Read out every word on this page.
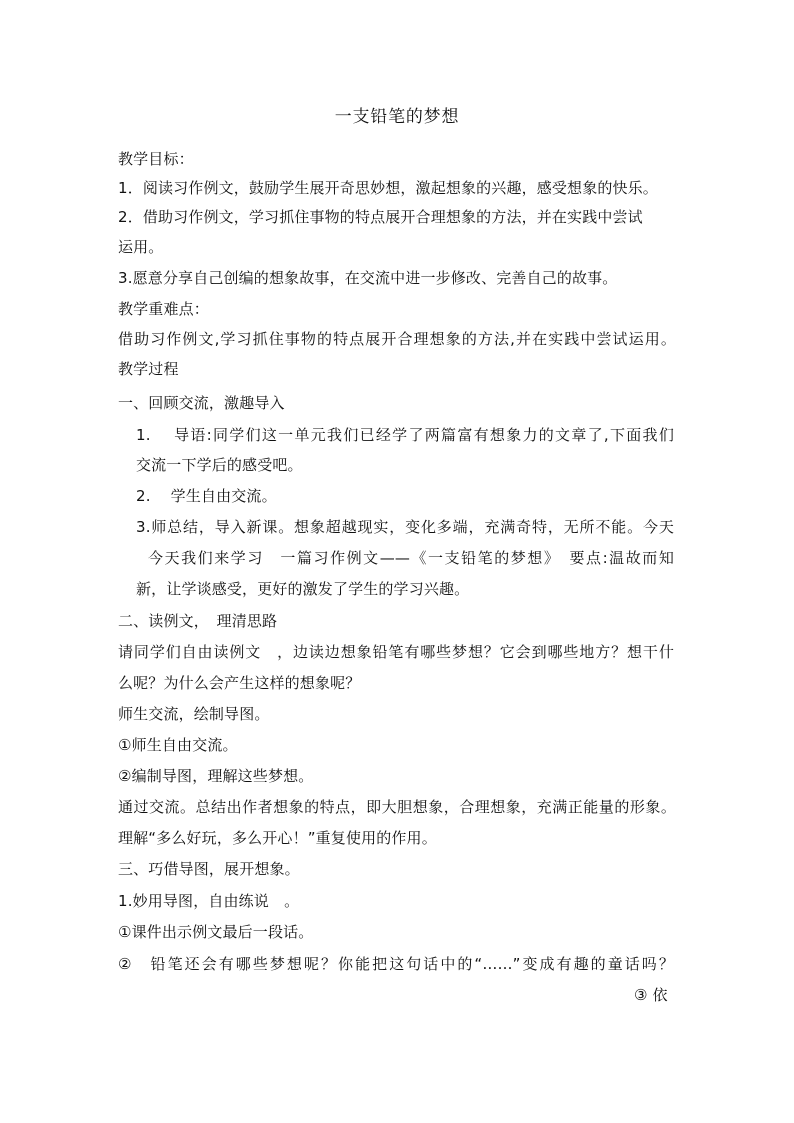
一支铅笔的梦想
教学目标：
1．阅读习作例文，鼓励学生展开奇思妙想，激起想象的兴趣，感受想象的快乐。
2．借助习作例文，学习抓住事物的特点展开合理想象的方法，并在实践中尝试
运用。
3.愿意分享自己创编的想象故事，在交流中进一步修改、完善自己的故事。
教学重难点：
借助习作例文,学习抓住事物的特点展开合理想象的方法,并在实践中尝试运用。
教学过程
一、回顾交流，激趣导入
1.　 导语:同学们这一单元我们已经学了两篇富有想象力的文章了,下面我们
交流一下学后的感受吧。
2.　 学生自由交流。
3.师总结，导入新课。想象超越现实，变化多端，充满奇特，无所不能。今天
今天我们来学习　一篇习作例文——《一支铅笔的梦想》　要点:温故而知
新，让学谈感受，更好的激发了学生的学习兴趣。
二、读例文，　理清思路
请同学们自由读例文　，边读边想象铅笔有哪些梦想？它会到哪些地方？想干什
么呢？为什么会产生这样的想象呢？
师生交流，绘制导图。
①师生自由交流。
②编制导图，理解这些梦想。
通过交流。总结出作者想象的特点，即大胆想象，合理想象，充满正能量的形象。
理解“多么好玩，多么开心！”重复使用的作用。
三、巧借导图，展开想象。
1.妙用导图，自由练说　。
①课件出示例文最后一段话。
②　铅笔还会有哪些梦想呢？你能把这句话中的“……”变成有趣的童话吗？
③ 依
